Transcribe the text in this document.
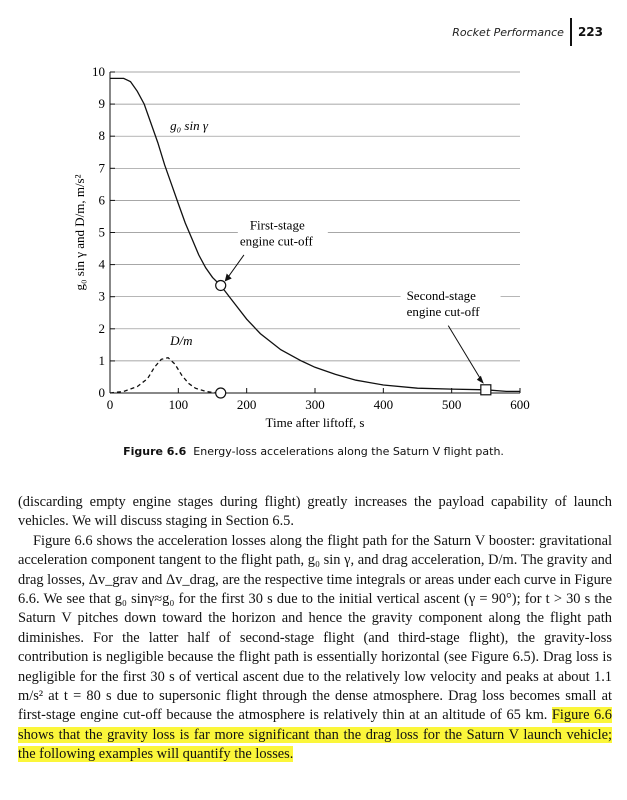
Rocket Performance	223
0
1
2
3
4
5
6
7
8
9
10
0	100	200	300	400	500	600
Time after liftoff, s
g₀ sin γ and D/m, m/s²
g₀ sin γ
D/m
First-stage
engine cut-off
Second-stage
engine cut-off
Figure 6.6 Energy-loss accelerations along the Saturn V flight path.

(discarding empty engine stages during flight) greatly increases the payload capability of launch vehicles. We will discuss staging in Section 6.5.

Figure 6.6 shows the acceleration losses along the flight path for the Saturn V booster: gravitational acceleration component tangent to the flight path, g₀ sin γ, and drag acceleration, D/m. The gravity and drag losses, Δv_grav and Δv_drag, are the respective time integrals or areas under each curve in Figure 6.6. We see that g₀ sinγ≈g₀ for the first 30 s due to the initial vertical ascent (γ = 90°); for t > 30 s the Saturn V pitches down toward the horizon and hence the gravity component along the flight path diminishes. For the latter half of second-stage flight (and third-stage flight), the gravity-loss contribution is negligible because the flight path is essentially horizontal (see Figure 6.5). Drag loss is negligible for the first 30 s of vertical ascent due to the relatively low velocity and peaks at about 1.1 m/s² at t = 80 s due to supersonic flight through the dense atmosphere. Drag loss becomes small at first-stage engine cut-off because the atmosphere is relatively thin at an altitude of 65 km. Figure 6.6 shows that the gravity loss is far more significant than the drag loss for the Saturn V launch vehicle; the following examples will quantify the losses.
